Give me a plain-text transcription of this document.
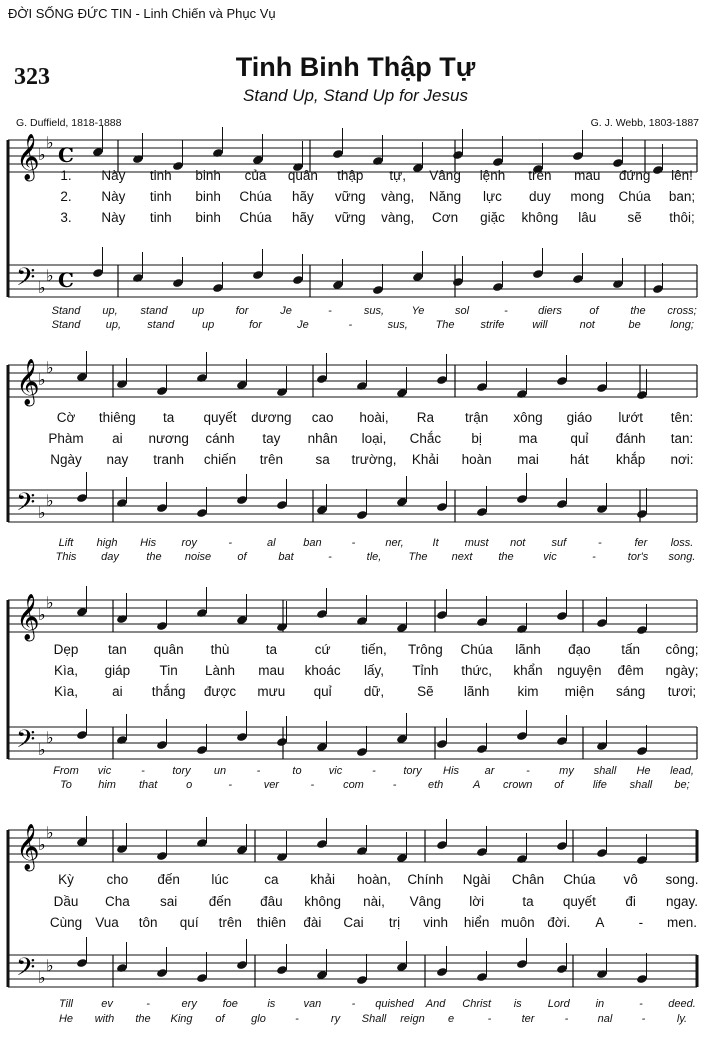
ĐỜI SỐNG ĐỨC TIN - Linh Chiến và Phục Vụ
323	Tinh Binh Thập Tự
Stand Up, Stand Up for Jesus
G. Duffield, 1818-1888	G. J. Webb, 1803-1887
𝄞
𝄢
♭
♭
♭
♭
C
C
𝄞
𝄢
♭
♭
♭
♭
𝄞
𝄢
♭
♭
♭
♭
𝄞
𝄢
♭
♭
♭
♭
1. Này tinh binh của quân thập tự, Vâng lệnh trên mau đứng lên!
2. Này tinh binh Chúa hãy vững vàng, Năng lực duy mong Chúa ban;
3. Này tinh binh Chúa hãy vững vàng, Cơn giặc không lâu sẽ thôi;
Stand up, stand up	for	Je	-	sus, Ye	sol	-	diers of	the cross;
Stand up, stand	up	for	Je	-	sus,	The strife	will	not	be	long;
Cờ thiêng ta quyết dương cao hoài, Ra trận xông giáo lướt tên:
Phàm ai nương cánh tay nhân loại, Chắc bị	ma quỉ đánh tan:
Ngày nay tranh chiến trên sa trường, Khải hoàn mai hát khắp nơi:
Lift high His roy	-	al	ban	-	ner,	It must not suf	-	fer loss.
This day the noise of	bat	-	tle, The next the	vic	-	tor's song.
Dẹp tan quân thù	ta	cứ tiến, Trông Chúa lãnh đạo tấn công;
Kìa, giáp Tin Lành mau khoác lấy, Tỉnh thức, khẩn nguyện đêm ngày;
Kìa,	ai thắng được mưu quỉ dữ, Sẽ lãnh kim miện sáng tươi;
From vic	- tory un	-	to vic	- tory His ar	-	my shall He lead,
To him that	o	-	ver	-	com	-	eth	A crown of	life shall be;
Kỳ cho đến lúc	ca khải hoàn, Chính Ngài Chân Chúa vô song.
Dầu Cha sai đến đâu không nài, Vâng lời	ta quyết đi ngay.
Cùng Vua tôn quí trên thiên đài Cai trị vinh hiển muôn đời. A	- men.
Till	ev	-	ery foe	is	van	- quished And Christ is Lord in	- deed.
He with the King of glo	-	ry Shall reign e	-	ter	-	nal	-	ly.
